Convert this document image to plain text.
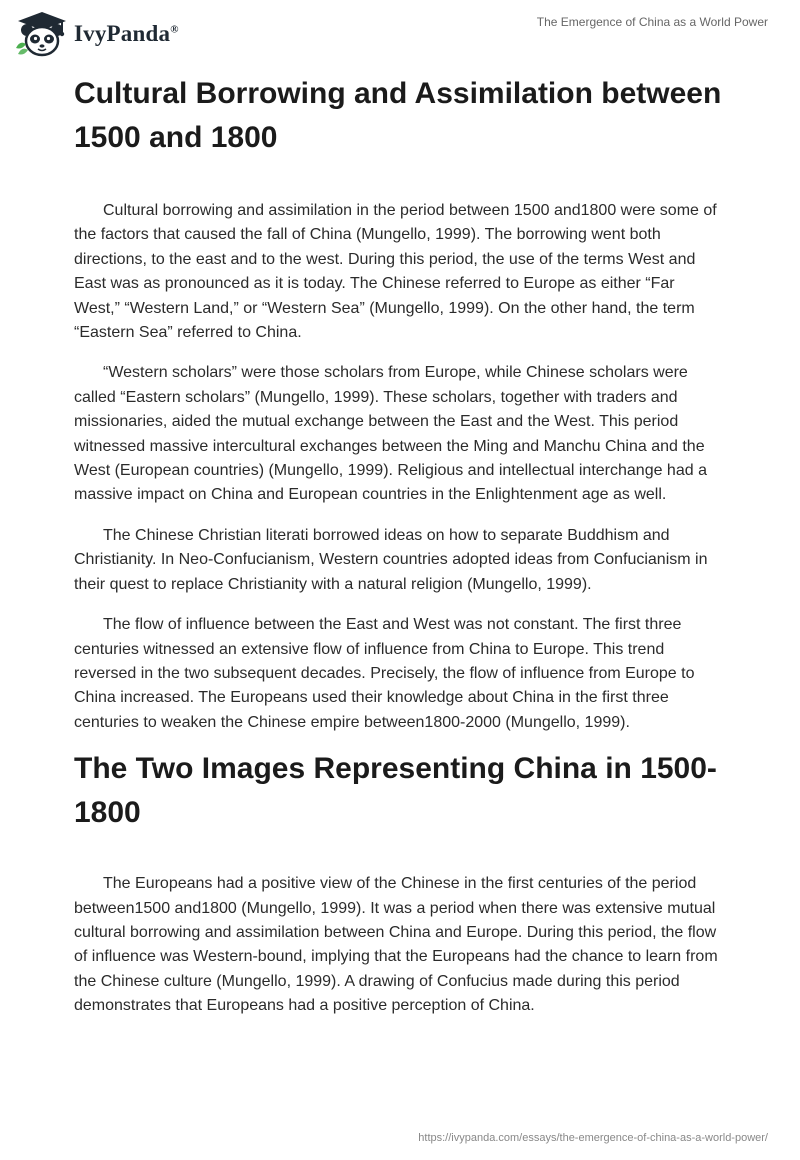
IvyPanda®
The Emergence of China as a World Power
Cultural Borrowing and Assimilation between 1500 and 1800

Cultural borrowing and assimilation in the period between 1500 and1800 were some of the factors that caused the fall of China (Mungello, 1999). The borrowing went both directions, to the east and to the west. During this period, the use of the terms West and East was as pronounced as it is today. The Chinese referred to Europe as either “Far West,” “Western Land,” or “Western Sea” (Mungello, 1999). On the other hand, the term “Eastern Sea” referred to China.

“Western scholars” were those scholars from Europe, while Chinese scholars were called “Eastern scholars” (Mungello, 1999). These scholars, together with traders and missionaries, aided the mutual exchange between the East and the West. This period witnessed massive intercultural exchanges between the Ming and Manchu China and the West (European countries) (Mungello, 1999). Religious and intellectual interchange had a massive impact on China and European countries in the Enlightenment age as well.

The Chinese Christian literati borrowed ideas on how to separate Buddhism and Christianity. In Neo-Confucianism, Western countries adopted ideas from Confucianism in their quest to replace Christianity with a natural religion (Mungello, 1999).

The flow of influence between the East and West was not constant. The first three centuries witnessed an extensive flow of influence from China to Europe. This trend reversed in the two subsequent decades. Precisely, the flow of influence from Europe to China increased. The Europeans used their knowledge about China in the first three centuries to weaken the Chinese empire between1800-2000 (Mungello, 1999).

The Two Images Representing China in 1500-1800

The Europeans had a positive view of the Chinese in the first centuries of the period between1500 and1800 (Mungello, 1999). It was a period when there was extensive mutual cultural borrowing and assimilation between China and Europe. During this period, the flow of influence was Western-bound, implying that the Europeans had the chance to learn from the Chinese culture (Mungello, 1999). A drawing of Confucius made during this period demonstrates that Europeans had a positive perception of China.

https://ivypanda.com/essays/the-emergence-of-china-as-a-world-power/
